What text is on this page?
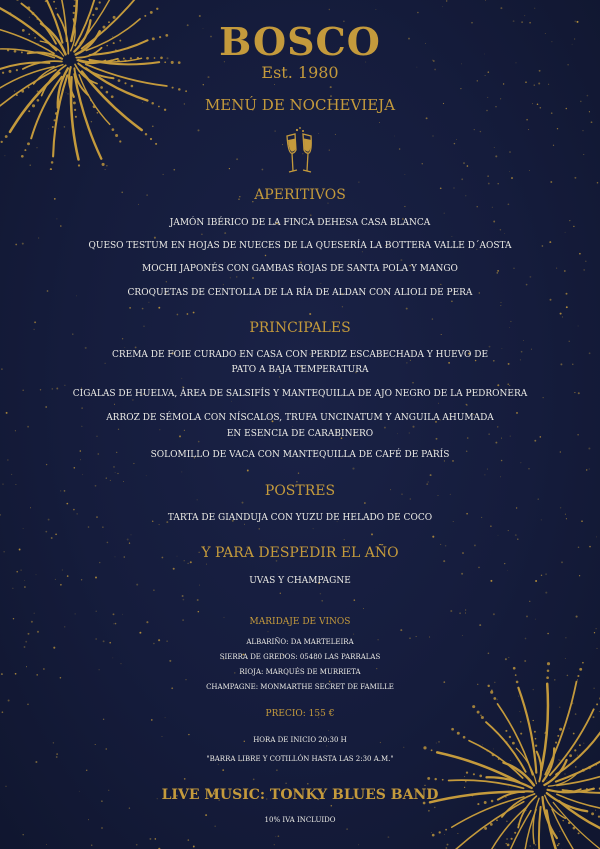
BOSCO
Est. 1980
MENÚ DE NOCHEVIEJA
APERITIVOS
JAMÓN IBÉRICO DE LA FINCA DEHESA CASA BLANCA
QUESO TESTUM EN HOJAS DE NUECES DE LA QUESERÍA LA BOTTERA VALLE D´AOSTA
MOCHI JAPONÉS CON GAMBAS ROJAS DE SANTA POLA Y MANGO
CROQUETAS DE CENTOLLA DE LA RÍA DE ALDAN CON ALIOLI DE PERA
PRINCIPALES
CREMA DE FOIE CURADO EN CASA CON PERDIZ ESCABECHADA Y HUEVO DE
PATO A BAJA TEMPERATURA
CIGALAS DE HUELVA, ÁREA DE SALSIFÍS Y MANTEQUILLA DE AJO NEGRO DE LA PEDRONERA
ARROZ DE SÉMOLA CON NÍSCALOS, TRUFA UNCINATUM Y ANGUILA AHUMADA
EN ESENCIA DE CARABINERO
SOLOMILLO DE VACA CON MANTEQUILLA DE CAFÉ DE PARÍS
POSTRES
TARTA DE GIANDUJA CON YUZU DE HELADO DE COCO
Y PARA DESPEDIR EL AÑO
UVAS Y CHAMPAGNE
MARIDAJE DE VINOS
ALBARIÑO: DA MARTELEIRA
SIERRA DE GREDOS: 05480 LAS PARRALAS
RIOJA: MARQUÉS DE MURRIETA
CHAMPAGNE: MONMARTHE SECRET DE FAMILLE
PRECIO: 155 €
HORA DE INICIO 20:30 H
"BARRA LIBRE Y COTILLÓN HASTA LAS 2:30 A.M."
LIVE MUSIC: TONKY BLUES BAND
10% IVA INCLUIDO
